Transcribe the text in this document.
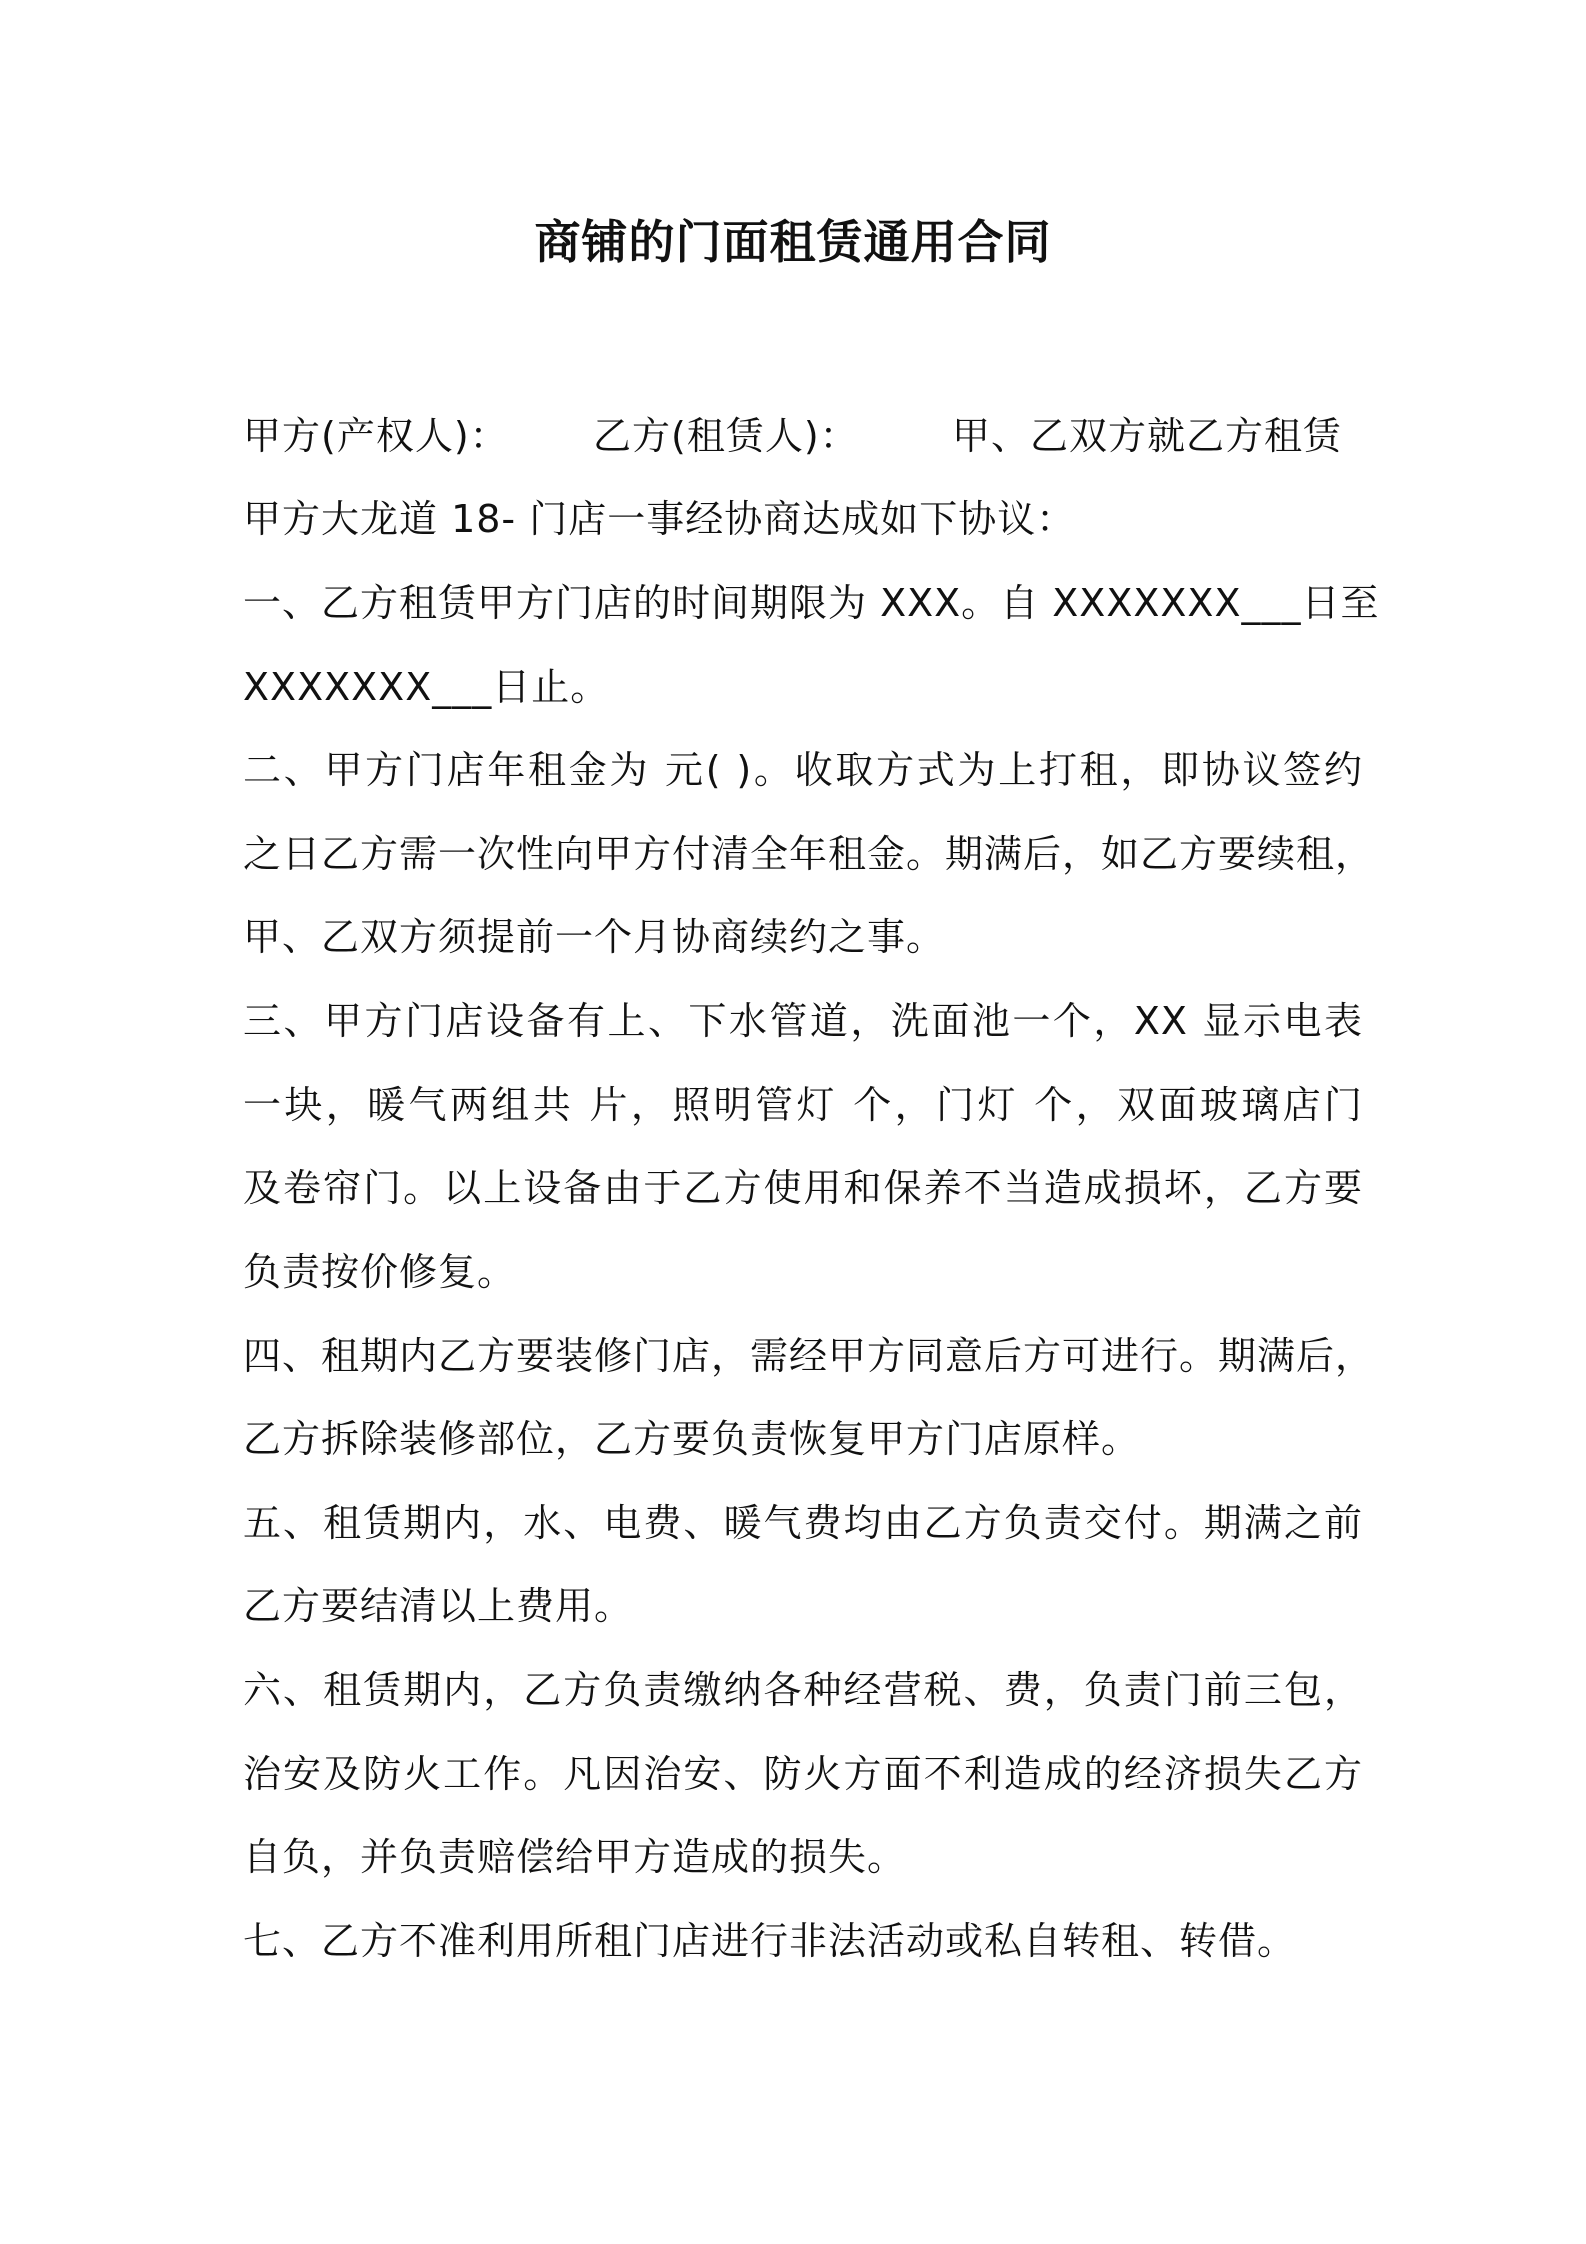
商铺的门面租赁通用合同
甲方(产权人)： 乙方(租赁人)： 甲、乙双方就乙方租赁
甲方大龙道 18- 门店一事经协商达成如下协议：
一、乙方租赁甲方门店的时间期限为 XXX。自 XXXXXXX___日至
XXXXXXX___日止。
二、甲方门店年租金为 元( )。收取方式为上打租，即协议签约
之日乙方需一次性向甲方付清全年租金。期满后，如乙方要续租，
甲、乙双方须提前一个月协商续约之事。
三、甲方门店设备有上、下水管道，洗面池一个，XX 显示电表
一块，暖气两组共 片，照明管灯 个，门灯 个，双面玻璃店门
及卷帘门。以上设备由于乙方使用和保养不当造成损坏，乙方要
负责按价修复。
四、租期内乙方要装修门店，需经甲方同意后方可进行。期满后，
乙方拆除装修部位，乙方要负责恢复甲方门店原样。
五、租赁期内，水、电费、暖气费均由乙方负责交付。期满之前
乙方要结清以上费用。
六、租赁期内，乙方负责缴纳各种经营税、费，负责门前三包，
治安及防火工作。凡因治安、防火方面不利造成的经济损失乙方
自负，并负责赔偿给甲方造成的损失。
七、乙方不准利用所租门店进行非法活动或私自转租、转借。
